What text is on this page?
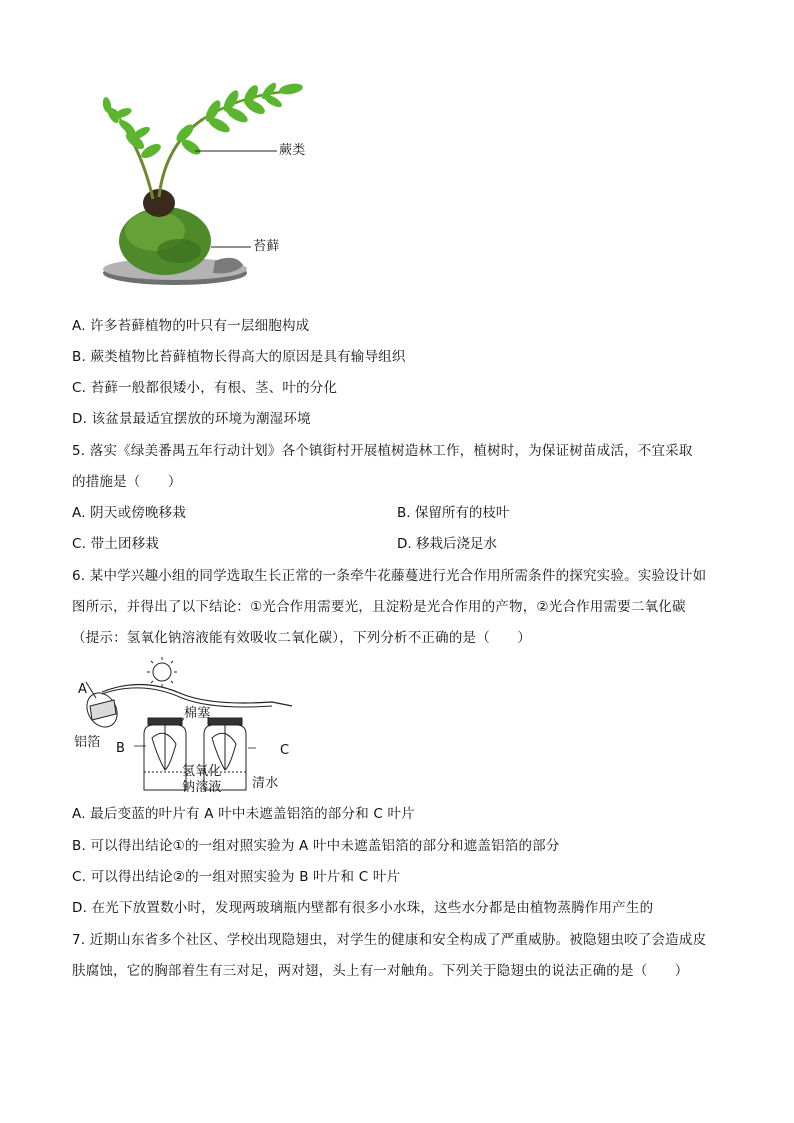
蕨类
苔藓
A. 许多苔藓植物的叶只有一层细胞构成
B. 蕨类植物比苔藓植物长得高大的原因是具有输导组织
C. 苔藓一般都很矮小，有根、茎、叶的分化
D. 该盆景最适宜摆放的环境为潮湿环境
5. 落实《绿美番禺五年行动计划》各个镇街村开展植树造林工作，植树时，为保证树苗成活，不宜采取
的措施是（　　）
A. 阴天或傍晚移栽	B. 保留所有的枝叶
C. 带土团移栽	D. 移栽后浇足水
6. 某中学兴趣小组的同学选取生长正常的一条牵牛花藤蔓进行光合作用所需条件的探究实验。实验设计如
图所示，并得出了以下结论：①光合作用需要光，且淀粉是光合作用的产物，②光合作用需要二氧化碳
（提示：氢氧化钠溶液能有效吸收二氧化碳），下列分析不正确的是（　　）
A
铝箔
棉塞
B	C
氢氧化
钠溶液 清水
A. 最后变蓝的叶片有 A 叶中未遮盖铝箔的部分和 C 叶片
B. 可以得出结论①的一组对照实验为 A 叶中未遮盖铝箔的部分和遮盖铝箔的部分
C. 可以得出结论②的一组对照实验为 B 叶片和 C 叶片
D. 在光下放置数小时，发现两玻璃瓶内壁都有很多小水珠，这些水分都是由植物蒸腾作用产生的
7. 近期山东省多个社区、学校出现隐翅虫，对学生的健康和安全构成了严重威胁。被隐翅虫咬了会造成皮
肤腐蚀，它的胸部着生有三对足，两对翅，头上有一对触角。下列关于隐翅虫的说法正确的是（　　）
